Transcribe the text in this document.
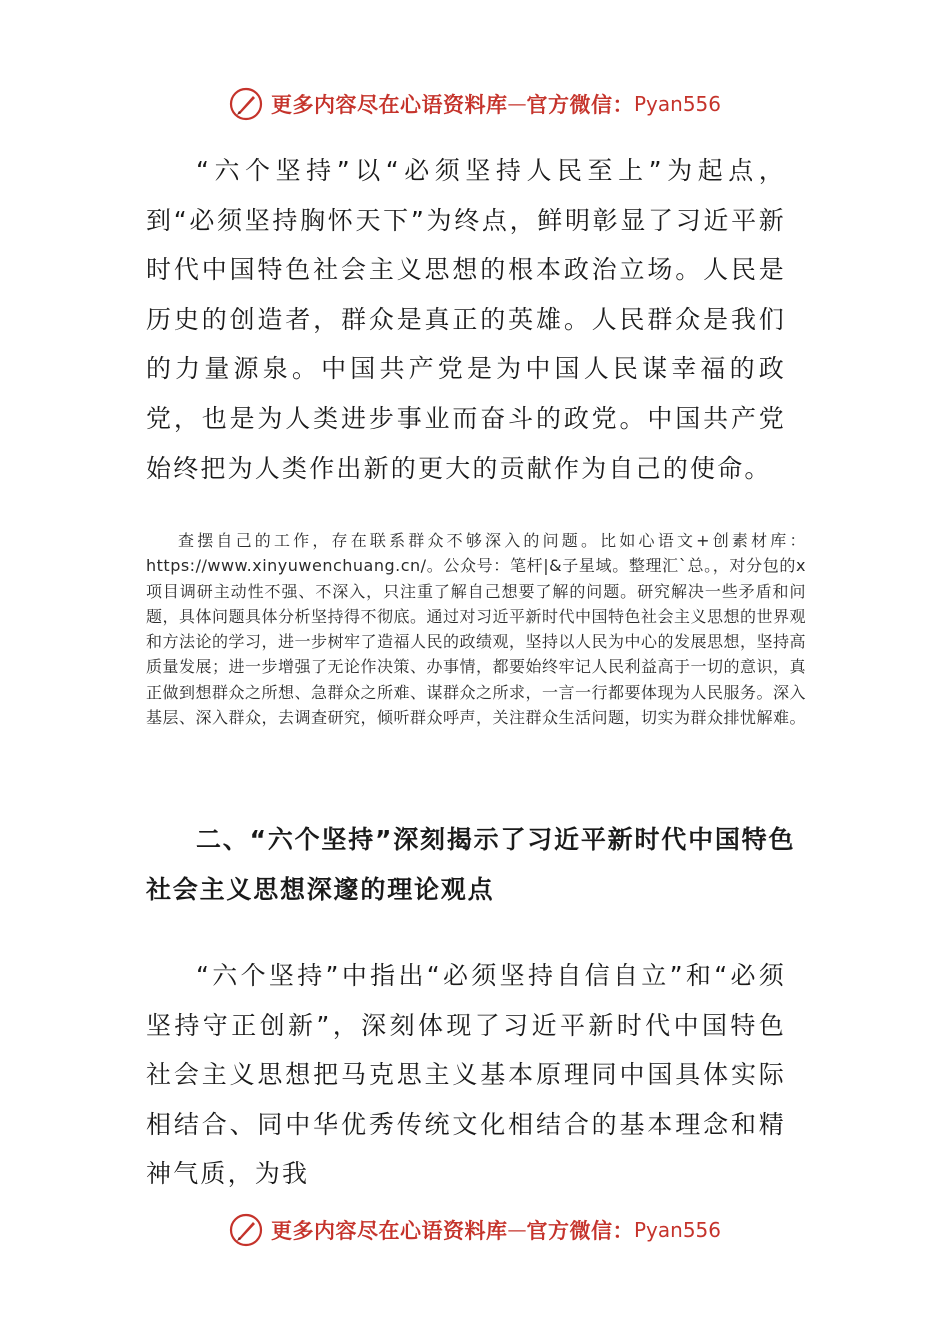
更多内容尽在心语资料库 — 官方微信： Pyan556

“六个坚持”以“必须坚持人民至上”为起点，到“必须坚持胸怀天下”为终点，鲜明彰显了习近平新时代中国特色社会主义思想的根本政治立场。人民是历史的创造者，群众是真正的英雄。人民群众是我们的力量源泉。中国共产党是为中国人民谋幸福的政党，也是为人类进步事业而奋斗的政党。中国共产党始终把为人类作出新的更大的贡献作为自己的使命。

查摆自己的工作，存在联系群众不够深入的问题。比如心语文+创素材库：https://www.xinyuwenchuang.cn/。公众号：笔杆|&子星域。整理汇`总。，对分包的x项目调研主动性不强、不深入，只注重了解自己想要了解的问题。研究解决一些矛盾和问题，具体问题具体分析坚持得不彻底。通过对习近平新时代中国特色社会主义思想的世界观和方法论的学习，进一步树牢了造福人民的政绩观，坚持以人民为中心的发展思想，坚持高质量发展；进一步增强了无论作决策、办事情，都要始终牢记人民利益高于一切的意识，真正做到想群众之所想、急群众之所难、谋群众之所求，一言一行都要体现为人民服务。深入基层、深入群众，去调查研究，倾听群众呼声，关注群众生活问题，切实为群众排忧解难。

二、“六个坚持”深刻揭示了习近平新时代中国特色社会主义思想深邃的理论观点

“六个坚持”中指出“必须坚持自信自立”和“必须坚持守正创新”，深刻体现了习近平新时代中国特色社会主义思想把马克思主义基本原理同中国具体实际相结合、同中华优秀传统文化相结合的基本理念和精神气质，为我

更多内容尽在心语资料库 — 官方微信： Pyan556
